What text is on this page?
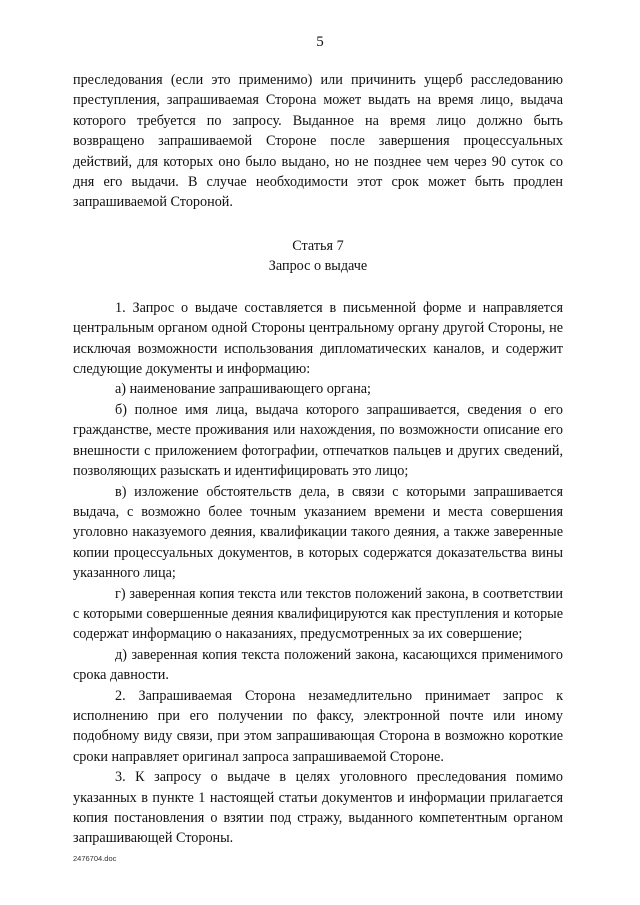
5

преследования (если это применимо) или причинить ущерб расследованию преступления, запрашиваемая Сторона может выдать на время лицо, выдача которого требуется по запросу. Выданное на время лицо должно быть возвращено запрашиваемой Стороне после завершения процессуальных действий, для которых оно было выдано, но не позднее чем через 90 суток со дня его выдачи. В случае необходимости этот срок может быть продлен запрашиваемой Стороной.

Статья 7
Запрос о выдаче

1. Запрос о выдаче составляется в письменной форме и направляется центральным органом одной Стороны центральному органу другой Стороны, не исключая возможности использования дипломатических каналов, и содержит следующие документы и информацию:

а) наименование запрашивающего органа;

б) полное имя лица, выдача которого запрашивается, сведения о его гражданстве, месте проживания или нахождения, по возможности описание его внешности с приложением фотографии, отпечатков пальцев и других сведений, позволяющих разыскать и идентифицировать это лицо;

в) изложение обстоятельств дела, в связи с которыми запрашивается выдача, с возможно более точным указанием времени и места совершения уголовно наказуемого деяния, квалификации такого деяния, а также заверенные копии процессуальных документов, в которых содержатся доказательства вины указанного лица;

г) заверенная копия текста или текстов положений закона, в соответствии с которыми совершенные деяния квалифицируются как преступления и которые содержат информацию о наказаниях, предусмотренных за их совершение;

д) заверенная копия текста положений закона, касающихся применимого срока давности.

2. Запрашиваемая Сторона незамедлительно принимает запрос к исполнению при его получении по факсу, электронной почте или иному подобному виду связи, при этом запрашивающая Сторона в возможно короткие сроки направляет оригинал запроса запрашиваемой Стороне.

3. К запросу о выдаче в целях уголовного преследования помимо указанных в пункте 1 настоящей статьи документов и информации прилагается копия постановления о взятии под стражу, выданного компетентным органом запрашивающей Стороны.

2476704.doc
